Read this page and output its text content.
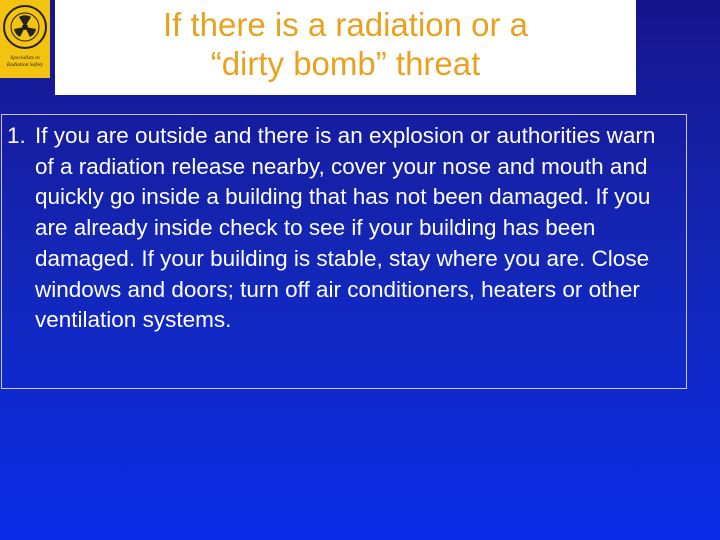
Specialists in
Radiation Safety
If there is a radiation or a
“dirty bomb” threat
1. If you are outside and there is an explosion or authorities warn of a radiation release nearby, cover your nose and mouth and quickly go inside a building that has not been damaged. If you are already inside check to see if your building has been damaged. If your building is stable, stay where you are. Close windows and doors; turn off air conditioners, heaters or other ventilation systems.
